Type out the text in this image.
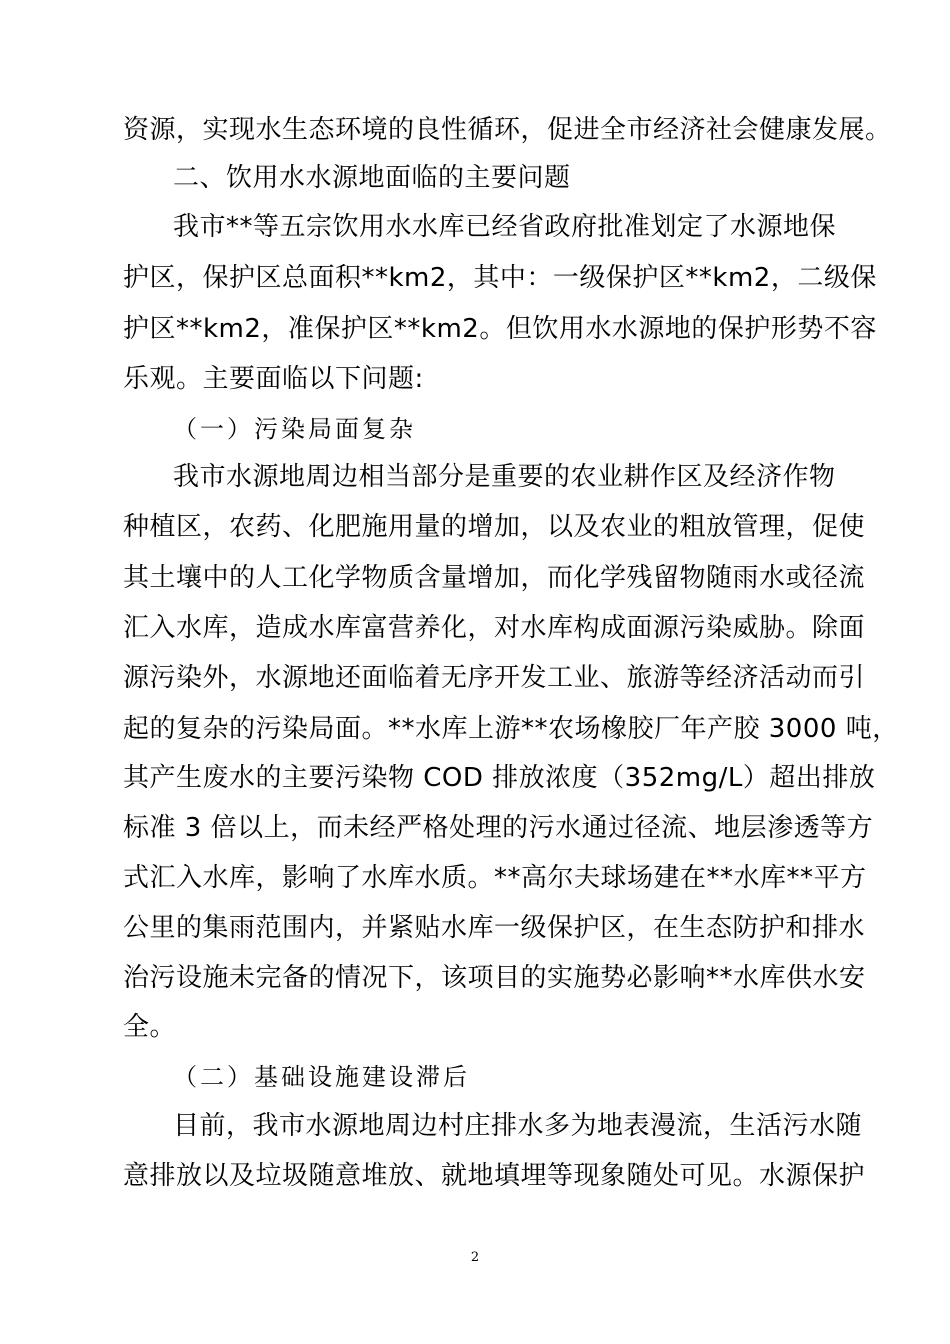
资源，实现水生态环境的良性循环，促进全市经济社会健康发展。
二、饮用水水源地面临的主要问题
我市**等五宗饮用水水库已经省政府批准划定了水源地保
护区，保护区总面积**km2，其中：一级保护区**km2，二级保
护区**km2，准保护区**km2。但饮用水水源地的保护形势不容
乐观。主要面临以下问题:
（一）污染局面复杂
我市水源地周边相当部分是重要的农业耕作区及经济作物
种植区，农药、化肥施用量的增加，以及农业的粗放管理，促使
其土壤中的人工化学物质含量增加，而化学残留物随雨水或径流
汇入水库，造成水库富营养化，对水库构成面源污染威胁。除面
源污染外，水源地还面临着无序开发工业、旅游等经济活动而引
起的复杂的污染局面。**水库上游**农场橡胶厂年产胶 3000 吨，
其产生废水的主要污染物 COD 排放浓度（352mg/L）超出排放
标准 3 倍以上，而未经严格处理的污水通过径流、地层渗透等方
式汇入水库，影响了水库水质。**高尔夫球场建在**水库**平方
公里的集雨范围内，并紧贴水库一级保护区，在生态防护和排水
治污设施未完备的情况下，该项目的实施势必影响**水库供水安
全。
（二）基础设施建设滞后
目前，我市水源地周边村庄排水多为地表漫流，生活污水随
意排放以及垃圾随意堆放、就地填埋等现象随处可见。水源保护
2
